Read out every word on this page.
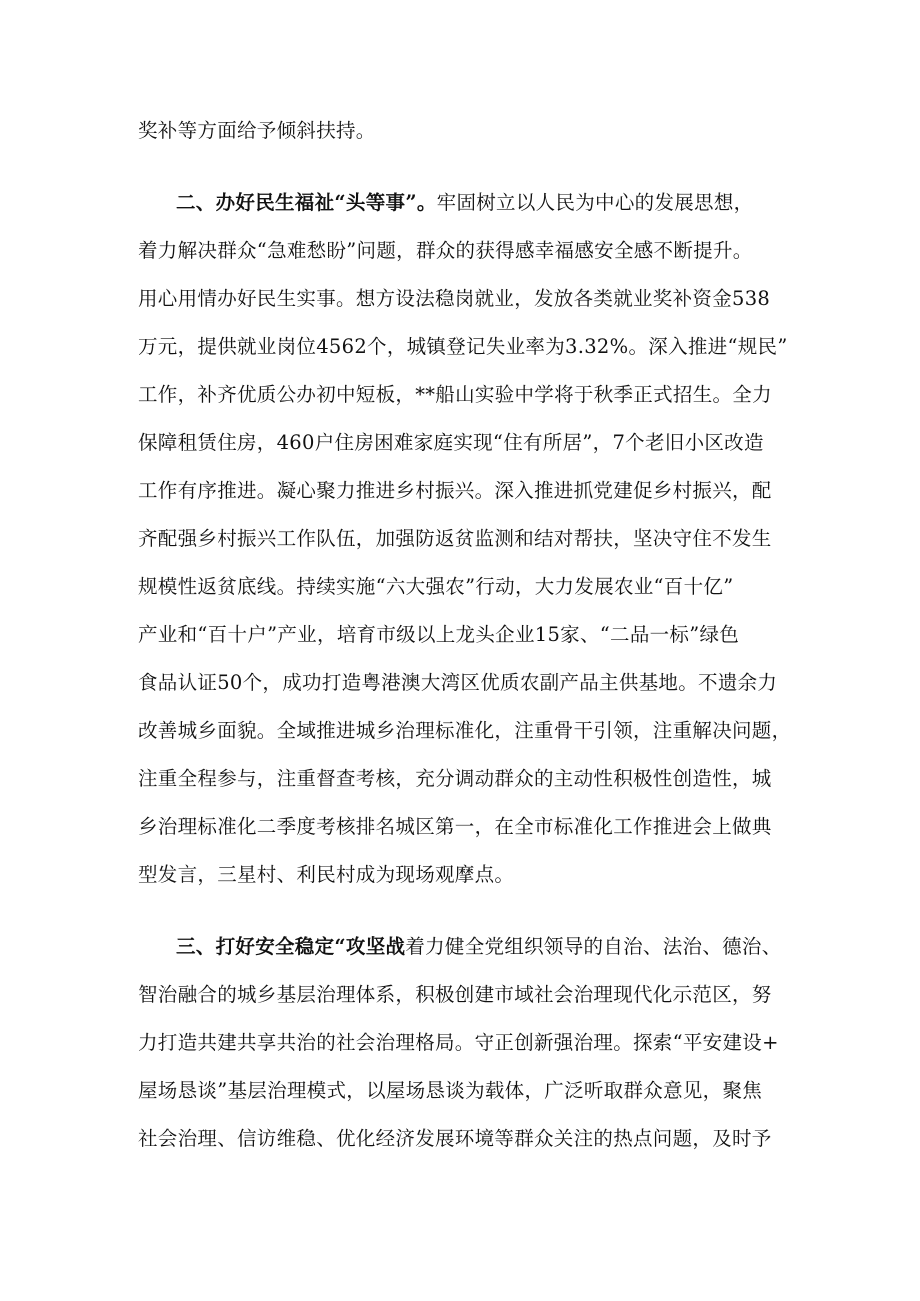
奖补等方面给予倾斜扶持。
二、办好民生福祉“头等事”。牢固树立以人民为中心的发展思想，
着力解决群众“急难愁盼”问题，群众的获得感幸福感安全感不断提升。
用心用情办好民生实事。想方设法稳岗就业，发放各类就业奖补资金538
万元，提供就业岗位4562个，城镇登记失业率为3.32%。深入推进“规民”
工作，补齐优质公办初中短板，**船山实验中学将于秋季正式招生。全力
保障租赁住房，460户住房困难家庭实现“住有所居”，7个老旧小区改造
工作有序推进。凝心聚力推进乡村振兴。深入推进抓党建促乡村振兴，配
齐配强乡村振兴工作队伍，加强防返贫监测和结对帮扶，坚决守住不发生
规模性返贫底线。持续实施“六大强农”行动，大力发展农业“百十亿”
产业和“百十户”产业，培育市级以上龙头企业15家、“二品一标”绿色
食品认证50个，成功打造粤港澳大湾区优质农副产品主供基地。不遗余力
改善城乡面貌。全域推进城乡治理标准化，注重骨干引领，注重解决问题，
注重全程参与，注重督查考核，充分调动群众的主动性积极性创造性，城
乡治理标准化二季度考核排名城区第一，在全市标准化工作推进会上做典
型发言，三星村、利民村成为现场观摩点。
三、打好安全稳定“攻坚战着力健全党组织领导的自治、法治、德治、
智治融合的城乡基层治理体系，积极创建市域社会治理现代化示范区，努
力打造共建共享共治的社会治理格局。守正创新强治理。探索“平安建设+
屋场恳谈”基层治理模式，以屋场恳谈为载体，广泛听取群众意见，聚焦
社会治理、信访维稳、优化经济发展环境等群众关注的热点问题，及时予
